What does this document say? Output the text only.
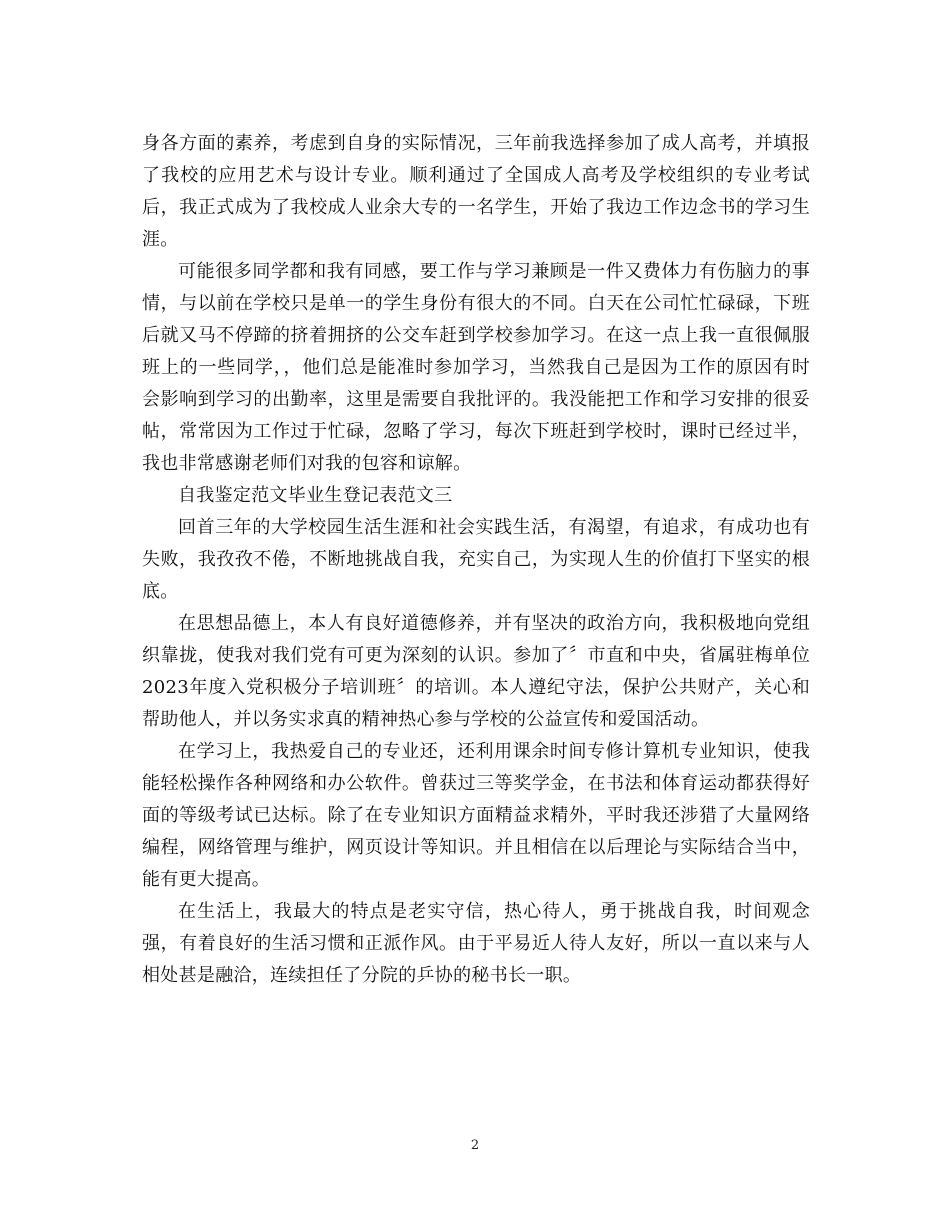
身各方面的素养，考虑到自身的实际情况，三年前我选择参加了成人高考，并填报了我校的应用艺术与设计专业。顺利通过了全国成人高考及学校组织的专业考试后，我正式成为了我校成人业余大专的一名学生，开始了我边工作边念书的学习生涯。

可能很多同学都和我有同感，要工作与学习兼顾是一件又费体力有伤脑力的事情，与以前在学校只是单一的学生身份有很大的不同。白天在公司忙忙碌碌，下班后就又马不停蹄的挤着拥挤的公交车赶到学校参加学习。在这一点上我一直很佩服班上的一些同学，，他们总是能准时参加学习，当然我自己是因为工作的原因有时会影响到学习的出勤率，这里是需要自我批评的。我没能把工作和学习安排的很妥帖，常常因为工作过于忙碌，忽略了学习，每次下班赶到学校时，课时已经过半，我也非常感谢老师们对我的包容和谅解。

自我鉴定范文毕业生登记表范文三

回首三年的大学校园生活生涯和社会实践生活，有渴望，有追求，有成功也有失败，我孜孜不倦，不断地挑战自我，充实自己，为实现人生的价值打下坚实的根底。

在思想品德上，本人有良好道德修养，并有坚决的政治方向，我积极地向党组织靠拢，使我对我们党有可更为深刻的认识。参加了〞市直和中央，省属驻梅单位2023年度入党积极分子培训班〞的培训。本人遵纪守法，保护公共财产，关心和帮助他人，并以务实求真的精神热心参与学校的公益宣传和爱国活动。

在学习上，我热爱自己的专业还，还利用课余时间专修计算机专业知识，使我能轻松操作各种网络和办公软件。曾获过三等奖学金，在书法和体育运动都获得好 面的等级考试已达标。除了在专业知识方面精益求精外，平时我还涉猎了大量网络编程，网络管理与维护，网页设计等知识。并且相信在以后理论与实际结合当中，能有更大提高。

在生活上，我最大的特点是老实守信，热心待人，勇于挑战自我，时间观念强，有着良好的生活习惯和正派作风。由于平易近人待人友好，所以一直以来与人相处甚是融洽，连续担任了分院的乒协的秘书长一职。

2
